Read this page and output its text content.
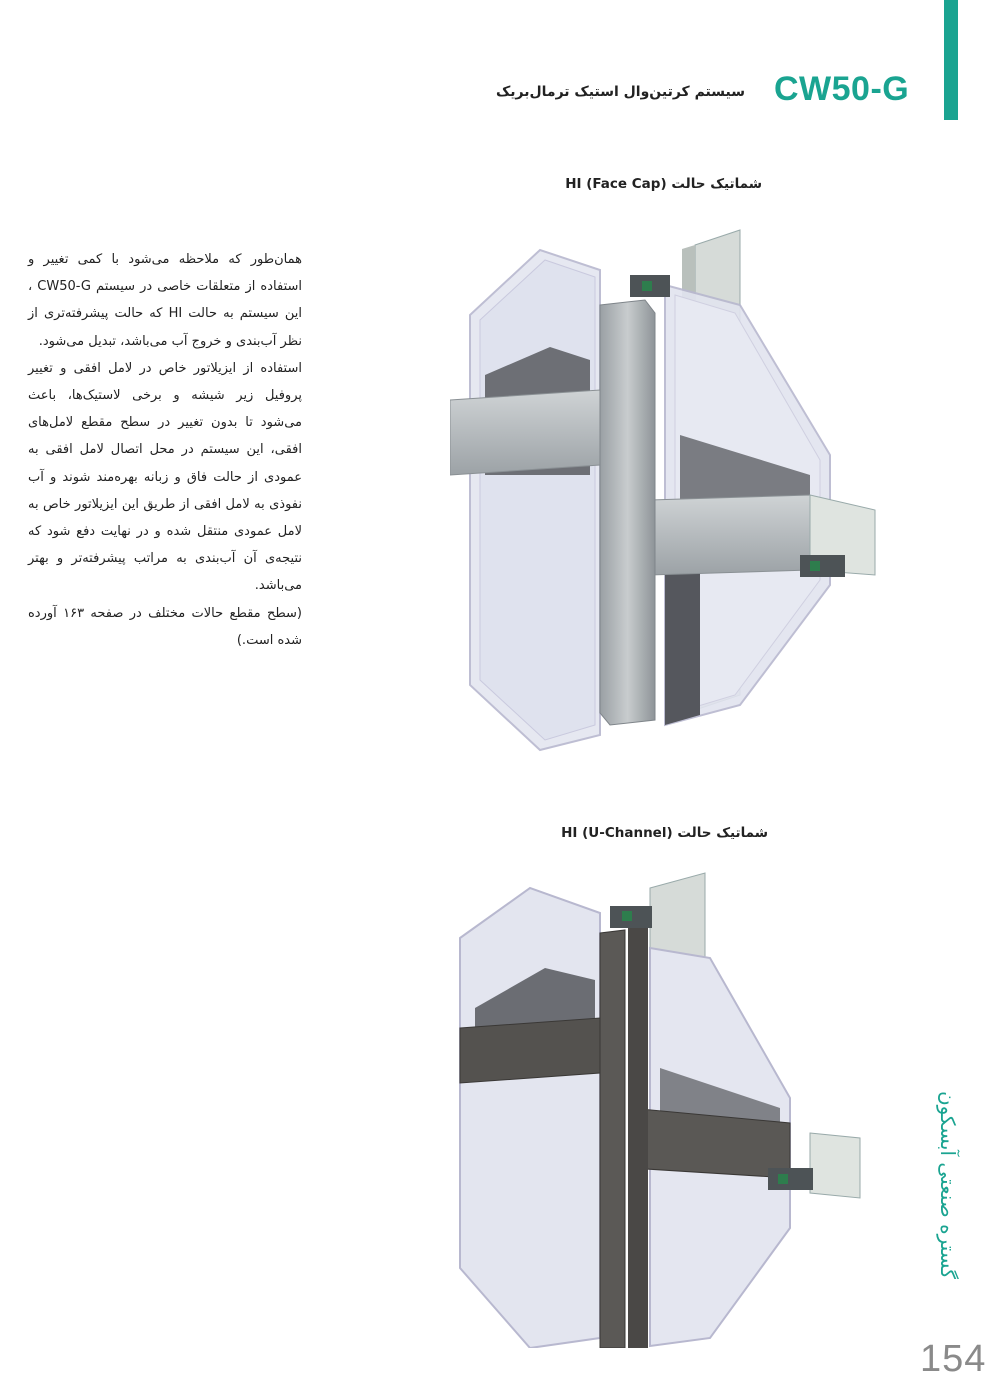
CW50-G
سیستم کرتین‌وال استیک ترمال‌بریک
شماتیک حالت HI (Face Cap)

همان‌طور که ملاحظه می‌شود با کمی تغییر و استفاده از متعلقات خاصی در سیستم CW50-G ، این سیستم به حالت HI که حالت پیشرفته‌تری از نظر آب‌بندی و خروج آب می‌باشد، تبدیل می‌شود.

استفاده از ایزیلاتور خاص در لامل افقی و تغییر پروفیل زیر شیشه و برخی لاستیک‌ها، باعث می‌شود تا بدون تغییر در سطح مقطع لامل‌های افقی، این سیستم در محل اتصال لامل افقی به عمودی از حالت فاق و زبانه بهره‌مند شوند و آب نفوذی به لامل افقی از طریق این ایزیلاتور خاص به لامل عمودی منتقل شده و در نهایت دفع شود که نتیجه‌ی آن آب‌بندی به مراتب پیشرفته‌تر و بهتر می‌باشد.

(سطح مقطع حالات مختلف در صفحه ۱۶۳ آورده شده است.)

شماتیک حالت HI (U-Channel)
گستره صنعتی آبسکون
154
